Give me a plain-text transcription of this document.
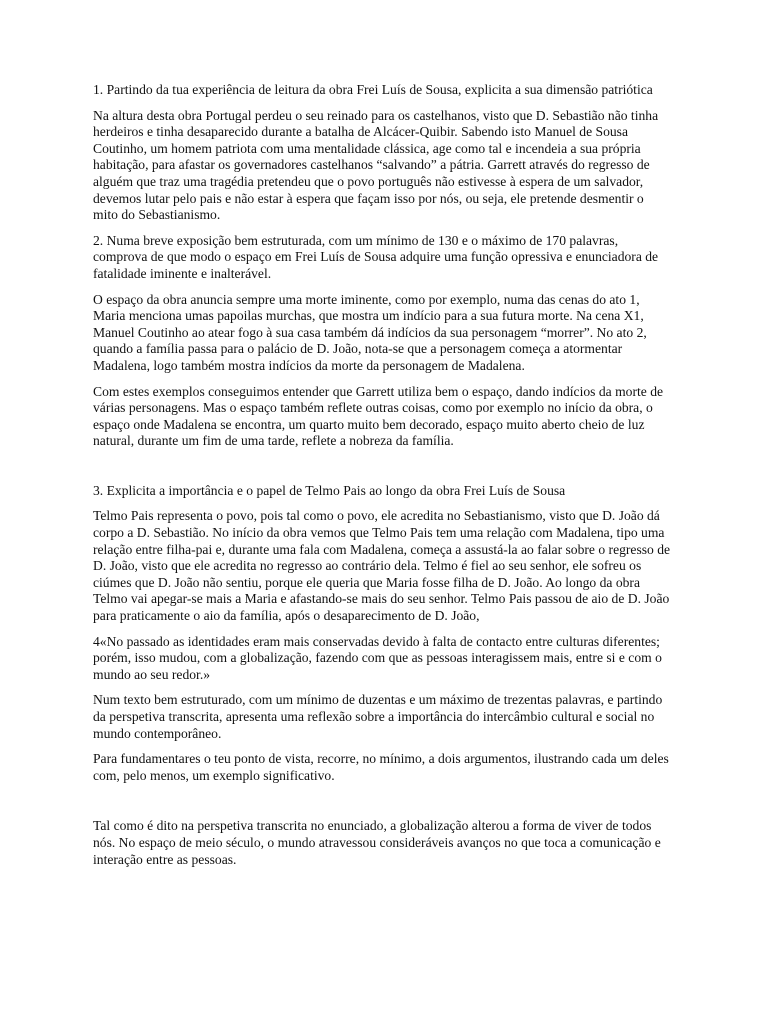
1. Partindo da tua experiência de leitura da obra Frei Luís de Sousa, explicita a sua dimensão patriótica

Na altura desta obra Portugal perdeu o seu reinado para os castelhanos, visto que D. Sebastião não tinha herdeiros e tinha desaparecido durante a batalha de Alcácer-Quibir. Sabendo isto Manuel de Sousa Coutinho, um homem patriota com uma mentalidade clássica, age como tal e incendeia a sua própria habitação, para afastar os governadores castelhanos “salvando” a pátria. Garrett através do regresso de alguém que traz uma tragédia pretendeu que o povo português não estivesse à espera de um salvador, devemos lutar pelo pais e não estar à espera que façam isso por nós, ou seja, ele pretende desmentir o mito do Sebastianismo.

2. Numa breve exposição bem estruturada, com um mínimo de 130 e o máximo de 170 palavras, comprova de que modo o espaço em Frei Luís de Sousa adquire uma função opressiva e enunciadora de fatalidade iminente e inalterável.

O espaço da obra anuncia sempre uma morte iminente, como por exemplo, numa das cenas do ato 1, Maria menciona umas papoilas murchas, que mostra um indício para a sua futura morte. Na cena X1, Manuel Coutinho ao atear fogo à sua casa também dá indícios da sua personagem “morrer”. No ato 2, quando a família passa para o palácio de D. João, nota-se que a personagem começa a atormentar Madalena, logo também mostra indícios da morte da personagem de Madalena.

Com estes exemplos conseguimos entender que Garrett utiliza bem o espaço, dando indícios da morte de várias personagens. Mas o espaço também reflete outras coisas, como por exemplo no início da obra, o espaço onde Madalena se encontra, um quarto muito bem decorado, espaço muito aberto cheio de luz natural, durante um fim de uma tarde, reflete a nobreza da família.

3. Explicita a importância e o papel de Telmo Pais ao longo da obra Frei Luís de Sousa

Telmo Pais representa o povo, pois tal como o povo, ele acredita no Sebastianismo, visto que D. João dá corpo a D. Sebastião. No início da obra vemos que Telmo Pais tem uma relação com Madalena, tipo uma relação entre filha-pai e, durante uma fala com Madalena, começa a assustá-la ao falar sobre o regresso de D. João, visto que ele acredita no regresso ao contrário dela. Telmo é fiel ao seu senhor, ele sofreu os ciúmes que D. João não sentiu, porque ele queria que Maria fosse filha de D. João. Ao longo da obra Telmo vai apegar-se mais a Maria e afastando-se mais do seu senhor. Telmo Pais passou de aio de D. João para praticamente o aio da família, após o desaparecimento de D. João,

4«No passado as identidades eram mais conservadas devido à falta de contacto entre culturas diferentes; porém, isso mudou, com a globalização, fazendo com que as pessoas interagissem mais, entre si e com o mundo ao seu redor.»

Num texto bem estruturado, com um mínimo de duzentas e um máximo de trezentas palavras, e partindo da perspetiva transcrita, apresenta uma reflexão sobre a importância do intercâmbio cultural e social no mundo contemporâneo.

Para fundamentares o teu ponto de vista, recorre, no mínimo, a dois argumentos, ilustrando cada um deles com, pelo menos, um exemplo significativo.

Tal como é dito na perspetiva transcrita no enunciado, a globalização alterou a forma de viver de todos nós. No espaço de meio século, o mundo atravessou consideráveis avanços no que toca a comunicação e interação entre as pessoas.
